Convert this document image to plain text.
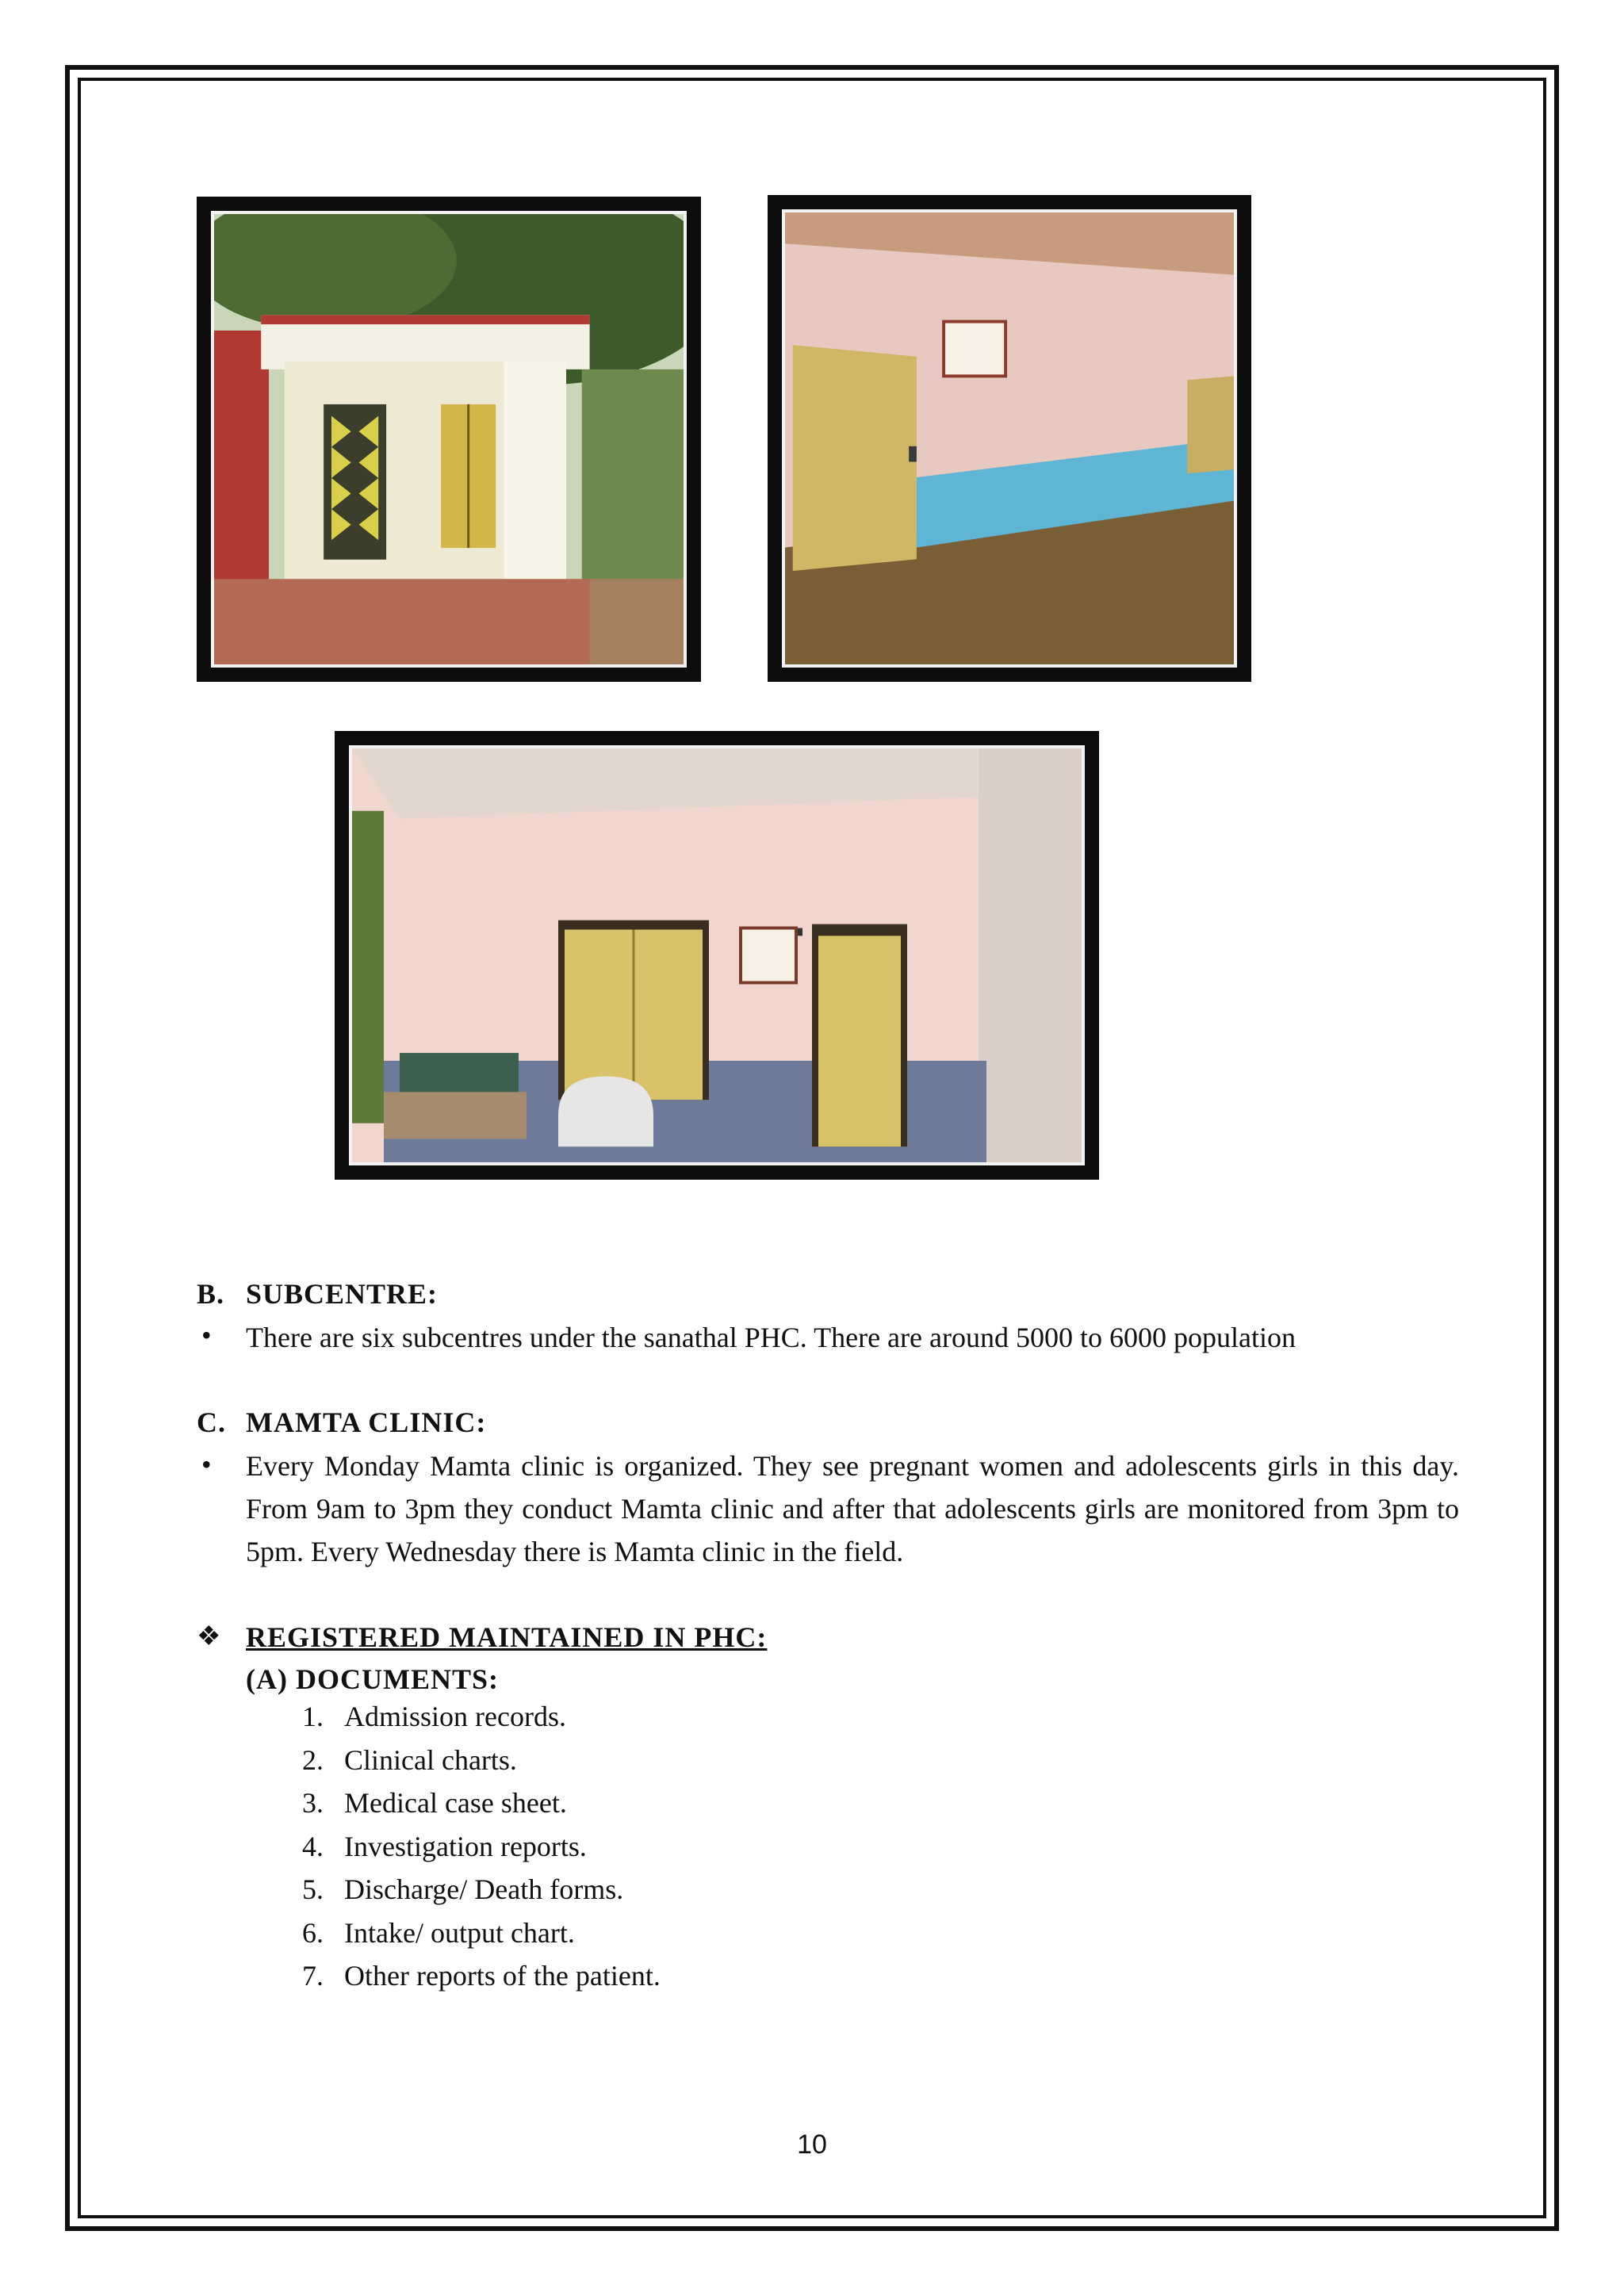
B. SUBCENTRE:
• There are six subcentres under the sanathal PHC. There are around 5000 to 6000 population
C. MAMTA CLINIC:
• Every Monday Mamta clinic is organized. They see pregnant women and adolescents girls in this day. From 9am to 3pm they conduct Mamta clinic and after that adolescents girls are monitored from 3pm to 5pm. Every Wednesday there is Mamta clinic in the field.
❖ REGISTERED MAINTAINED IN PHC:
(A) DOCUMENTS:
1. Admission records.
2. Clinical charts.
3. Medical case sheet.
4. Investigation reports.
5. Discharge/ Death forms.
6. Intake/ output chart.
7. Other reports of the patient.
10
